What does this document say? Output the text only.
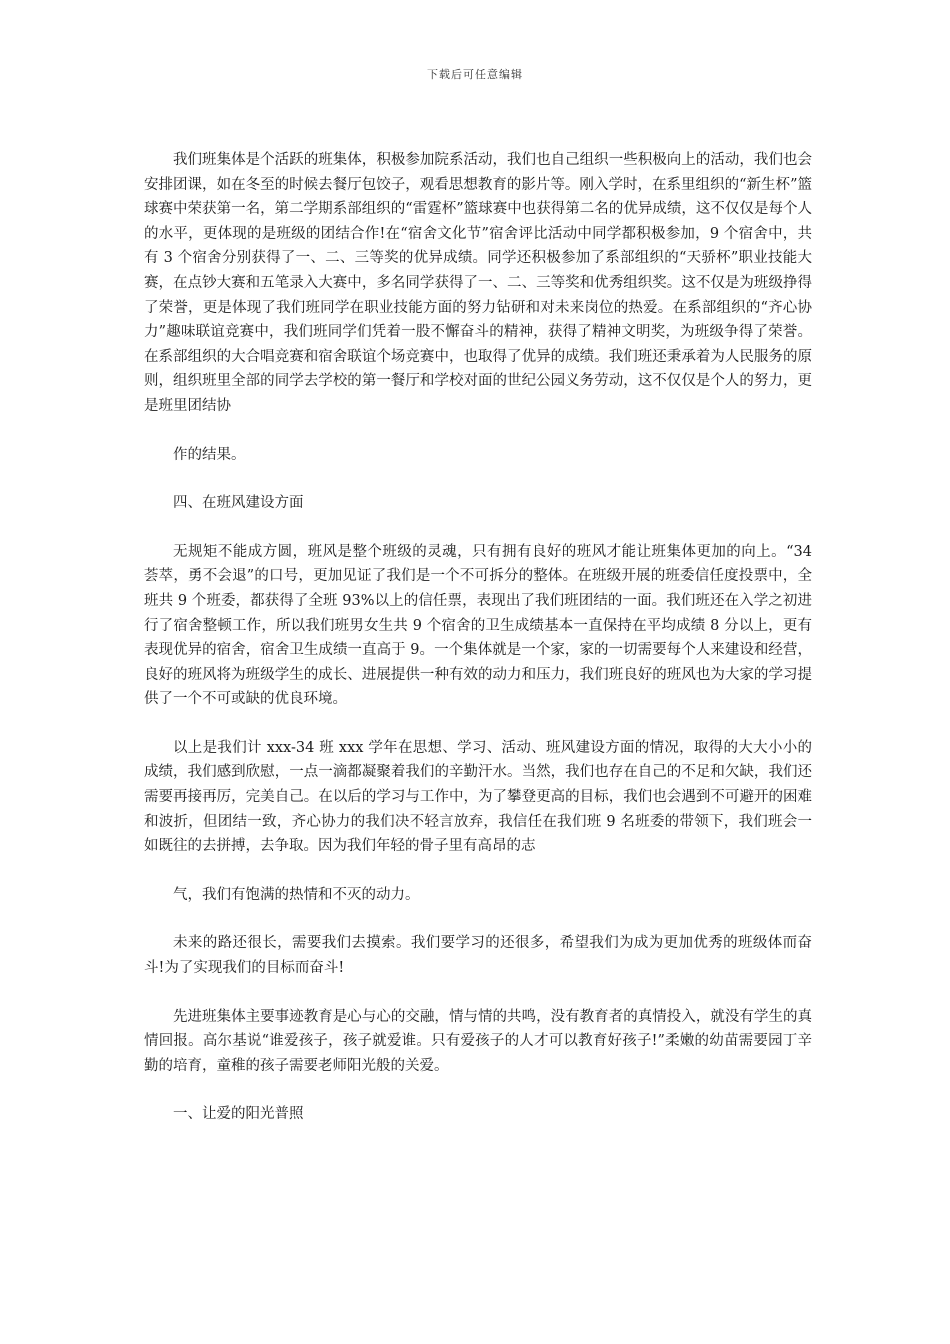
下载后可任意编辑

我们班集体是个活跃的班集体，积极参加院系活动，我们也自己组织一些积极向上的活动，我们也会安排团课，如在冬至的时候去餐厅包饺子，观看思想教育的影片等。刚入学时，在系里组织的“新生杯”篮球赛中荣获第一名，第二学期系部组织的“雷霆杯”篮球赛中也获得第二名的优异成绩，这不仅仅是每个人的水平，更体现的是班级的团结合作!在“宿舍文化节”宿舍评比活动中同学都积极参加，9 个宿舍中，共有 3 个宿舍分别获得了一、二、三等奖的优异成绩。同学还积极参加了系部组织的“天骄杯”职业技能大赛，在点钞大赛和五笔录入大赛中，多名同学获得了一、二、三等奖和优秀组织奖。这不仅是为班级挣得了荣誉，更是体现了我们班同学在职业技能方面的努力钻研和对未来岗位的热爱。在系部组织的“齐心协力”趣味联谊竞赛中，我们班同学们凭着一股不懈奋斗的精神，获得了精神文明奖，为班级争得了荣誉。在系部组织的大合唱竞赛和宿舍联谊个场竞赛中，也取得了优异的成绩。我们班还秉承着为人民服务的原则，组织班里全部的同学去学校的第一餐厅和学校对面的世纪公园义务劳动，这不仅仅是个人的努力，更是班里团结协

作的结果。

四、在班风建设方面

无规矩不能成方圆，班风是整个班级的灵魂，只有拥有良好的班风才能让班集体更加的向上。“34 荟萃，勇不会退”的口号，更加见证了我们是一个不可拆分的整体。在班级开展的班委信任度投票中，全班共 9 个班委，都获得了全班 93%以上的信任票，表现出了我们班团结的一面。我们班还在入学之初进行了宿舍整顿工作，所以我们班男女生共 9 个宿舍的卫生成绩基本一直保持在平均成绩 8 分以上，更有表现优异的宿舍，宿舍卫生成绩一直高于 9。一个集体就是一个家，家的一切需要每个人来建设和经营，良好的班风将为班级学生的成长、进展提供一种有效的动力和压力，我们班良好的班风也为大家的学习提供了一个不可或缺的优良环境。

以上是我们计 xxx-34 班 xxx 学年在思想、学习、活动、班风建设方面的情况，取得的大大小小的成绩，我们感到欣慰，一点一滴都凝聚着我们的辛勤汗水。当然，我们也存在自己的不足和欠缺，我们还需要再接再厉，完美自己。在以后的学习与工作中，为了攀登更高的目标，我们也会遇到不可避开的困难和波折，但团结一致，齐心协力的我们决不轻言放弃，我信任在我们班 9 名班委的带领下，我们班会一如既往的去拼搏，去争取。因为我们年轻的骨子里有高昂的志

气，我们有饱满的热情和不灭的动力。

未来的路还很长，需要我们去摸索。我们要学习的还很多，希望我们为成为更加优秀的班级体而奋斗!为了实现我们的目标而奋斗!

先进班集体主要事迹教育是心与心的交融，情与情的共鸣，没有教育者的真情投入，就没有学生的真情回报。高尔基说“谁爱孩子，孩子就爱谁。只有爱孩子的人才可以教育好孩子!”柔嫩的幼苗需要园丁辛勤的培育，童稚的孩子需要老师阳光般的关爱。

一、让爱的阳光普照
